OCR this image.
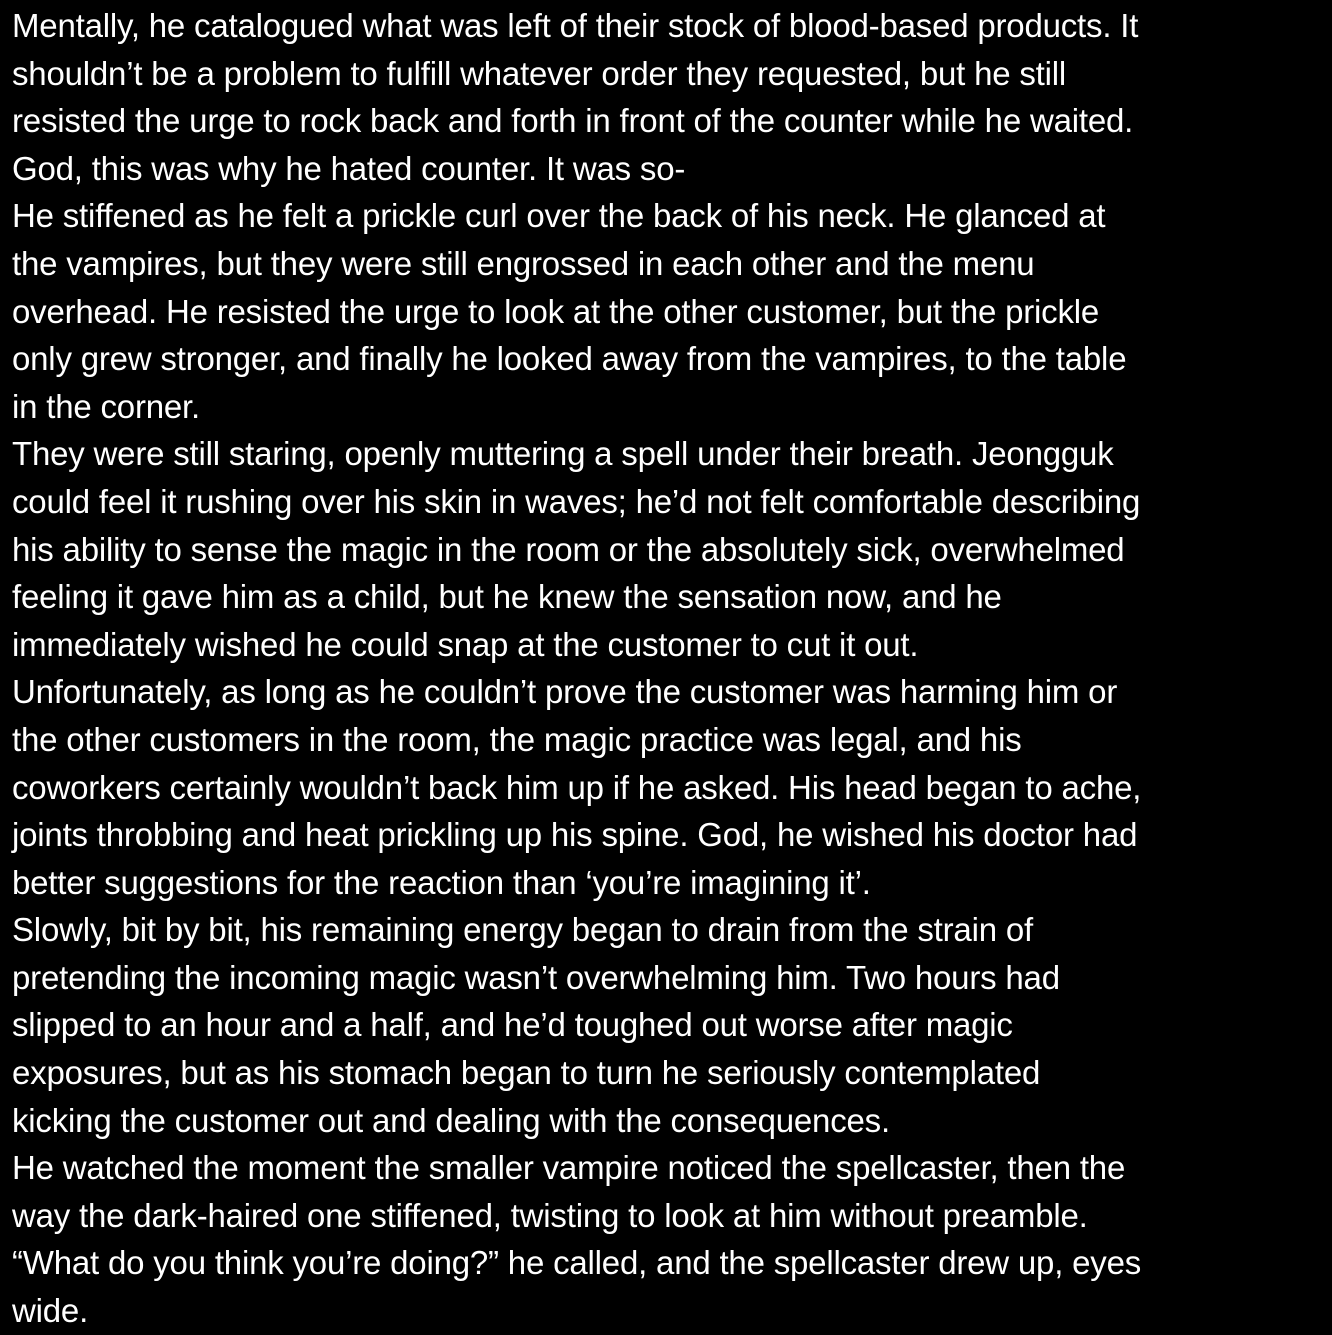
Mentally, he catalogued what was left of their stock of blood-based products. It
shouldn’t be a problem to fulfill whatever order they requested, but he still
resisted the urge to rock back and forth in front of the counter while he waited.
God, this was why he hated counter. It was so-
He stiffened as he felt a prickle curl over the back of his neck. He glanced at
the vampires, but they were still engrossed in each other and the menu
overhead. He resisted the urge to look at the other customer, but the prickle
only grew stronger, and finally he looked away from the vampires, to the table
in the corner.
They were still staring, openly muttering a spell under their breath. Jeongguk
could feel it rushing over his skin in waves; he’d not felt comfortable describing
his ability to sense the magic in the room or the absolutely sick, overwhelmed
feeling it gave him as a child, but he knew the sensation now, and he
immediately wished he could snap at the customer to cut it out.
Unfortunately, as long as he couldn’t prove the customer was harming him or
the other customers in the room, the magic practice was legal, and his
coworkers certainly wouldn’t back him up if he asked. His head began to ache,
joints throbbing and heat prickling up his spine. God, he wished his doctor had
better suggestions for the reaction than ‘you’re imagining it’.
Slowly, bit by bit, his remaining energy began to drain from the strain of
pretending the incoming magic wasn’t overwhelming him. Two hours had
slipped to an hour and a half, and he’d toughed out worse after magic
exposures, but as his stomach began to turn he seriously contemplated
kicking the customer out and dealing with the consequences.
He watched the moment the smaller vampire noticed the spellcaster, then the
way the dark-haired one stiffened, twisting to look at him without preamble.
“What do you think you’re doing?” he called, and the spellcaster drew up, eyes
wide.
